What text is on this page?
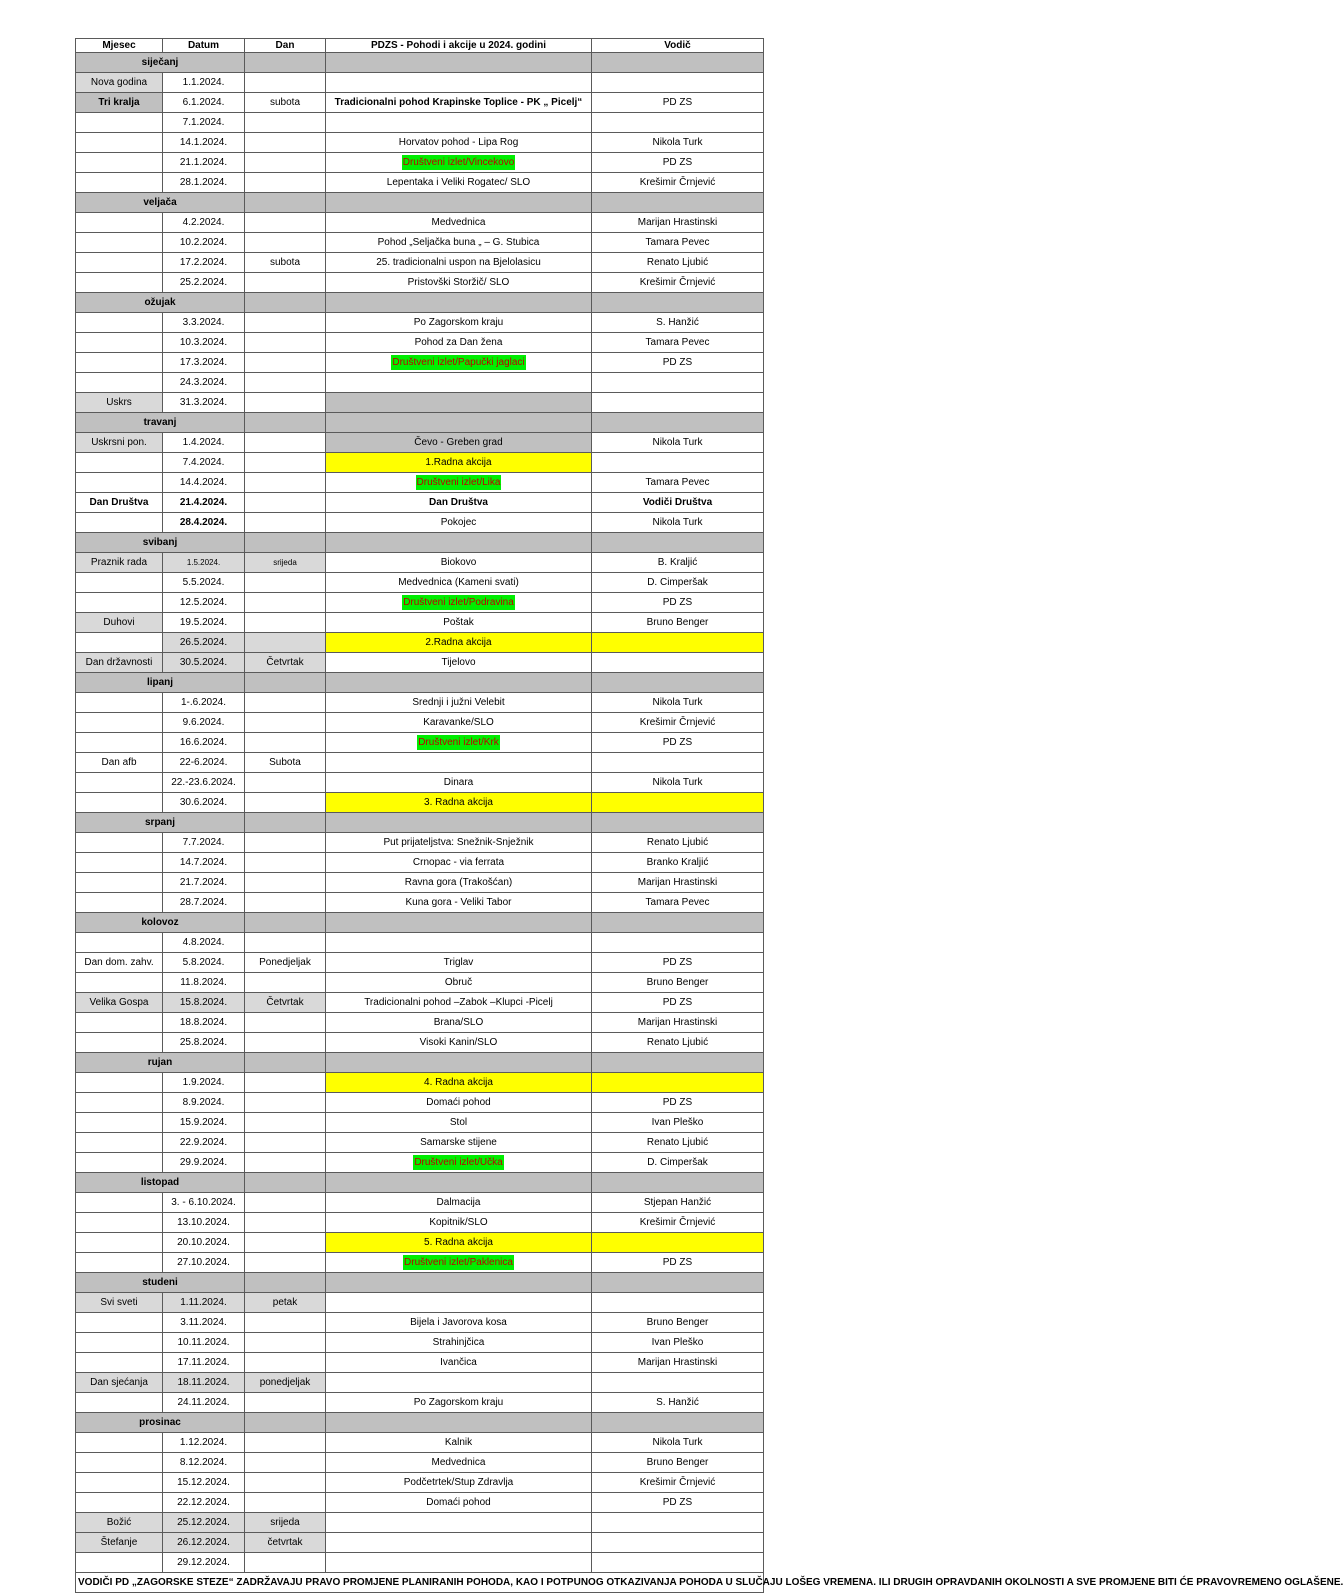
Mjesec	Datum	Dan	PDZS - Pohodi i akcije u 2024. godini	Vodič
siječanj				
Nova godina	1.1.2024.			
Tri kralja	6.1.2024.	subota	Tradicionalni pohod Krapinske Toplice - PK „ Picelj“	PD ZS
	7.1.2024.			
	14.1.2024.		Horvatov pohod - Lipa Rog	Nikola Turk
	21.1.2024.		Društveni izlet/Vincekovo	PD ZS
	28.1.2024.		Lepentaka i Veliki Rogatec/ SLO	Krešimir Črnjević
veljača				
	4.2.2024.		Medvednica	Marijan Hrastinski
	10.2.2024.		Pohod „Seljačka buna „ – G. Stubica	Tamara Pevec
	17.2.2024.	subota	25. tradicionalni uspon na Bjelolasicu	Renato Ljubić
	25.2.2024.		Pristovški Storžič/ SLO	Krešimir Črnjević
ožujak				
	3.3.2024.		Po Zagorskom kraju	S. Hanžić
	10.3.2024.		Pohod za Dan žena	Tamara Pevec
	17.3.2024.		Društveni izlet/Papučki jaglaci	PD ZS
	24.3.2024.			
Uskrs	31.3.2024.			
travanj				
Uskrsni pon.	1.4.2024.		Čevo - Greben grad	Nikola Turk
	7.4.2024.		1.Radna akcija	
	14.4.2024.		Društveni izlet/Lika	Tamara Pevec
Dan Društva	21.4.2024.		Dan Društva	Vodiči Društva
	28.4.2024.		Pokojec	Nikola Turk
svibanj				
Praznik rada	1.5.2024.	srijeda	Biokovo	B. Kraljić
	5.5.2024.		Medvednica (Kameni svati)	D. Cimperšak
	12.5.2024.		Društveni izlet/Podravina	PD ZS
Duhovi	19.5.2024.		Poštak	Bruno Benger
	26.5.2024.		2.Radna akcija	
Dan državnosti	30.5.2024.	Četvrtak	Tijelovo	
lipanj				
	1-.6.2024.		Srednji i južni Velebit	Nikola Turk
	9.6.2024.		Karavanke/SLO	Krešimir Črnjević
	16.6.2024.		Društveni izlet/Krk	PD ZS
Dan afb	22-6.2024.	Subota		
	22.-23.6.2024.		Dinara	Nikola Turk
	30.6.2024.		3. Radna akcija	
srpanj				
	7.7.2024.		Put prijateljstva: Snežnik-Snježnik	Renato Ljubić
	14.7.2024.		Crnopac - via ferrata	Branko Kraljić
	21.7.2024.		Ravna gora (Trakošćan)	Marijan Hrastinski
	28.7.2024.		Kuna gora - Veliki Tabor	Tamara Pevec
kolovoz				
	4.8.2024.			
Dan dom. zahv.	5.8.2024.	Ponedjeljak	Triglav	PD ZS
	11.8.2024.		Obruč	Bruno Benger
Velika Gospa	15.8.2024.	Četvrtak	Tradicionalni pohod –Zabok –Klupci -Picelj	PD ZS
	18.8.2024.		Brana/SLO	Marijan Hrastinski
	25.8.2024.		Visoki Kanin/SLO	Renato Ljubić
rujan				
	1.9.2024.		4. Radna akcija	
	8.9.2024.		Domaći pohod	PD ZS
	15.9.2024.		Stol	Ivan Pleško
	22.9.2024.		Samarske stijene	Renato Ljubić
	29.9.2024.		Društveni izlet/Učka	D. Cimperšak
listopad				
	3. - 6.10.2024.		Dalmacija	Stjepan Hanžić
	13.10.2024.		Kopitnik/SLO	Krešimir Črnjević
	20.10.2024.		5. Radna akcija	
	27.10.2024.		Društveni izlet/Paklenica	PD ZS
studeni				
Svi sveti	1.11.2024.	petak		
	3.11.2024.		Bijela i Javorova kosa	Bruno Benger
	10.11.2024.		Strahinjčica	Ivan Pleško
	17.11.2024.		Ivančica	Marijan Hrastinski
Dan sjećanja	18.11.2024.	ponedjeljak		
	24.11.2024.		Po Zagorskom kraju	S. Hanžić
prosinac				
	1.12.2024.		Kalnik	Nikola Turk
	8.12.2024.		Medvednica	Bruno Benger
	15.12.2024.		Podčetrtek/Stup Zdravlja	Krešimir Črnjević
	22.12.2024.		Domaći pohod	PD ZS
Božić	25.12.2024.	srijeda		
Štefanje	26.12.2024.	četvrtak		
	29.12.2024.			
VODIČI PD „ZAGORSKE STEZE“ ZADRŽAVAJU PRAVO PROMJENE PLANIRANIH POHODA, KAO I POTPUNOG OTKAZIVANJA POHODA U SLUČAJU LOŠEG VREMENA. ILI DRUGIH OPRAVDANIH OKOLNOSTI A SVE PROMJENE BITI ĆE PRAVOVREMENO OGLAŠENE.				
